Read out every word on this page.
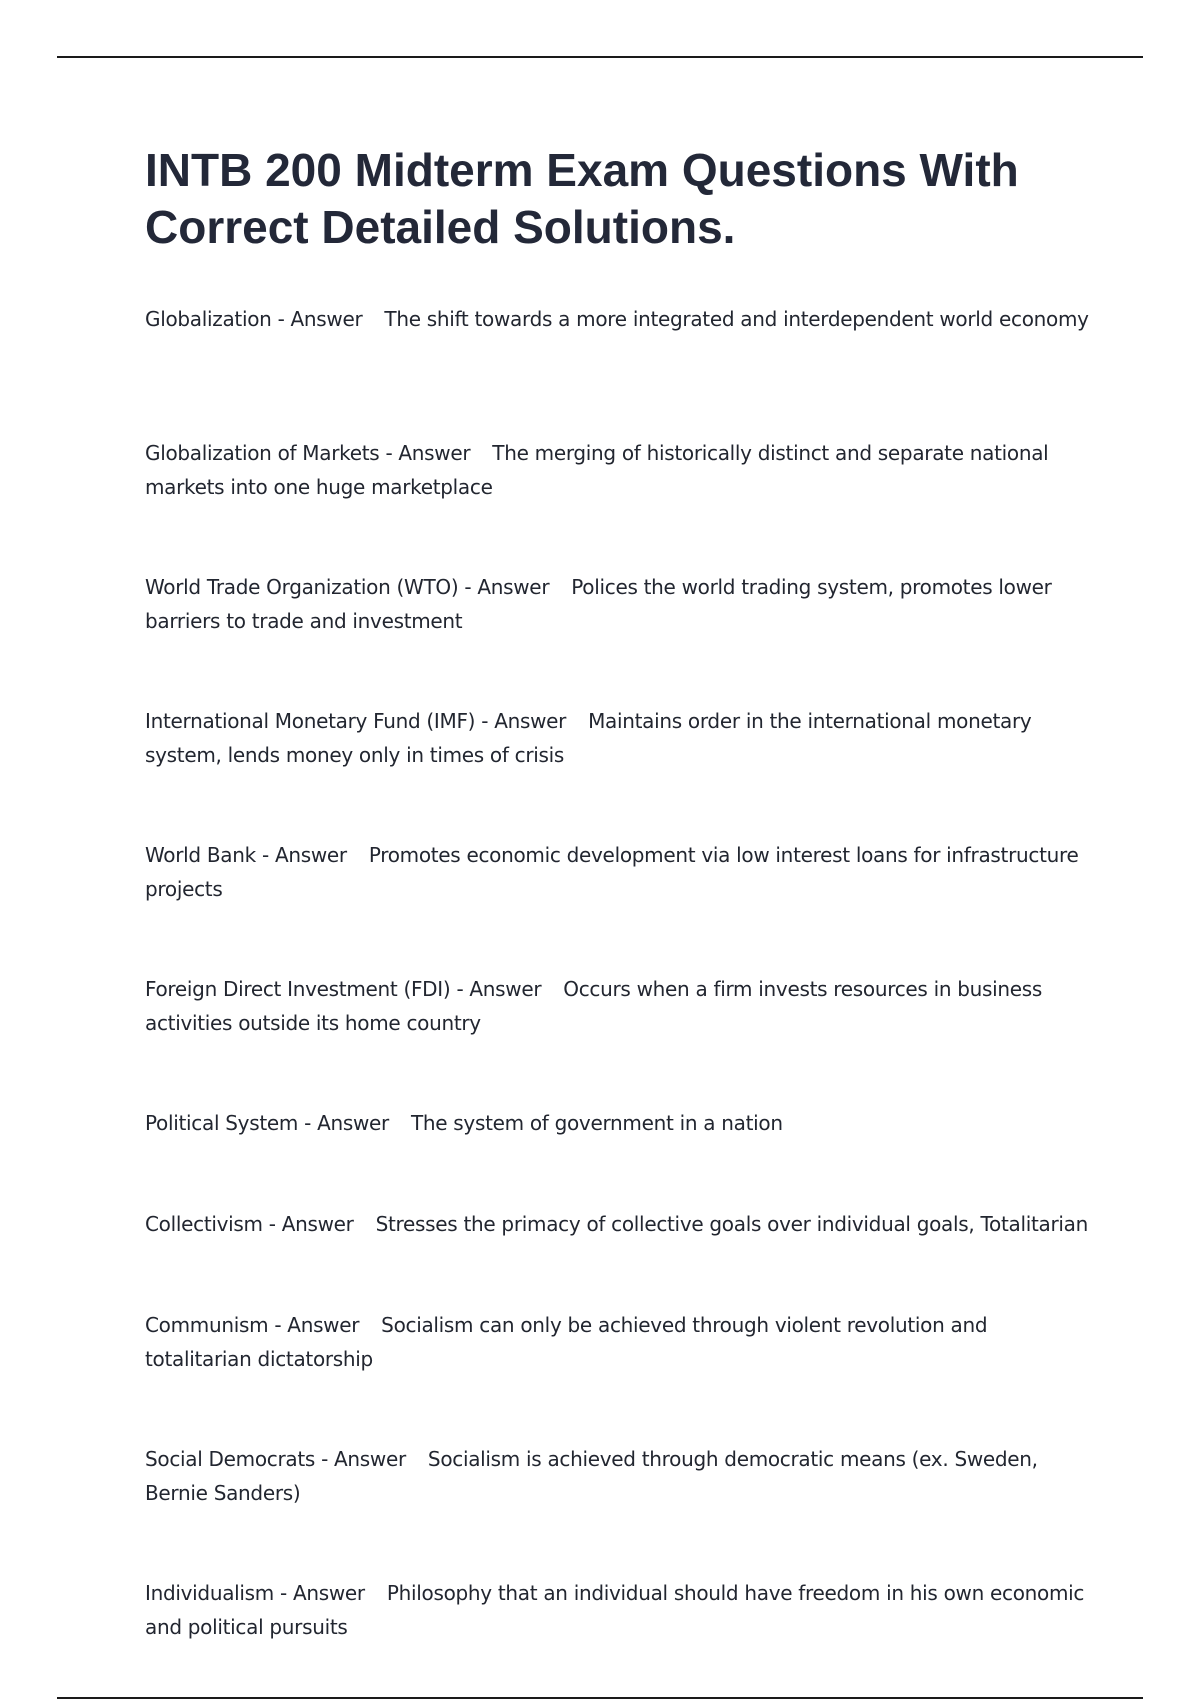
INTB 200 Midterm Exam Questions With Correct Detailed Solutions.

Globalization - Answer The shift towards a more integrated and interdependent world economy

Globalization of Markets - Answer The merging of historically distinct and separate national markets into one huge marketplace

World Trade Organization (WTO) - Answer Polices the world trading system, promotes lower barriers to trade and investment

International Monetary Fund (IMF) - Answer Maintains order in the international monetary system, lends money only in times of crisis

World Bank - Answer Promotes economic development via low interest loans for infrastructure projects

Foreign Direct Investment (FDI) - Answer Occurs when a firm invests resources in business activities outside its home country

Political System - Answer The system of government in a nation

Collectivism - Answer Stresses the primacy of collective goals over individual goals, Totalitarian

Communism - Answer Socialism can only be achieved through violent revolution and totalitarian dictatorship

Social Democrats - Answer Socialism is achieved through democratic means (ex. Sweden, Bernie Sanders)

Individualism - Answer Philosophy that an individual should have freedom in his own economic and political pursuits
